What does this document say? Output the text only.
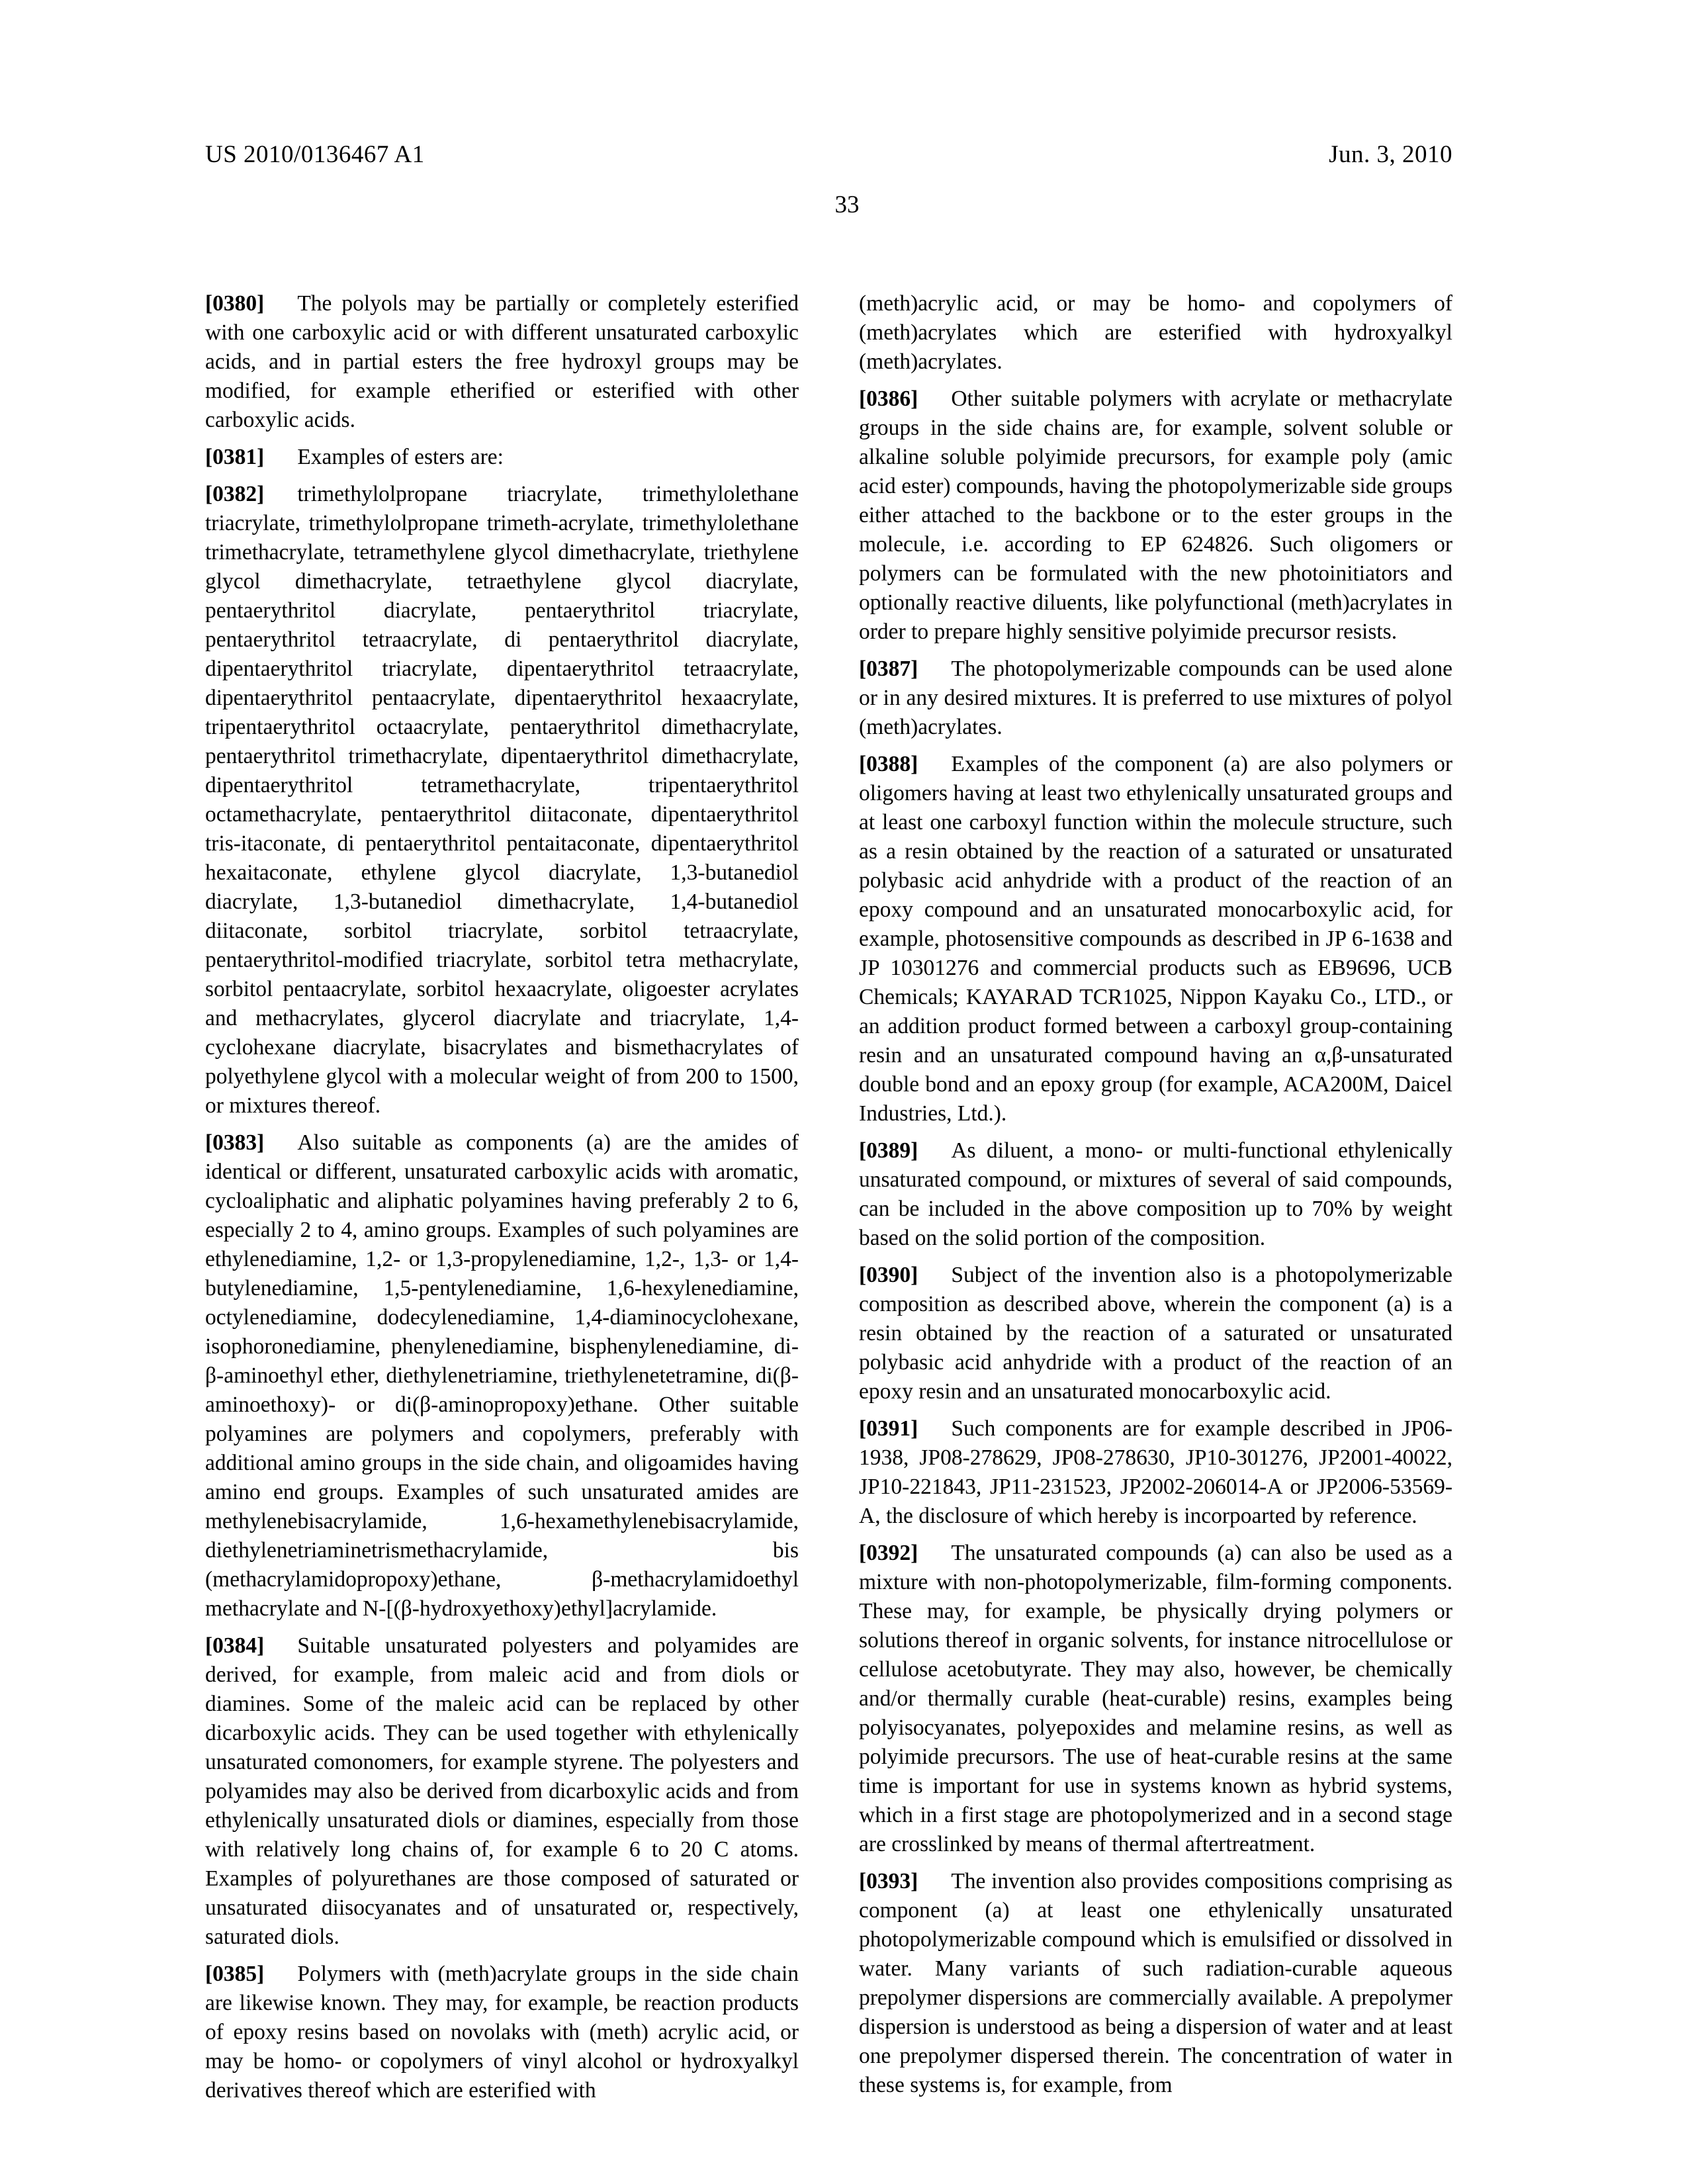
US 2010/0136467 A1	Jun. 3, 2010
33

[0380] The polyols may be partially or completely esterified with one carboxylic acid or with different unsaturated carboxylic acids, and in partial esters the free hydroxyl groups may be modified, for example etherified or esterified with other carboxylic acids.

[0381] Examples of esters are:

[0382] trimethylolpropane triacrylate, trimethylolethane triacrylate, trimethylolpropane trimeth-acrylate, trimethylolethane trimethacrylate, tetramethylene glycol dimethacrylate, triethylene glycol dimethacrylate, tetraethylene glycol diacrylate, pentaerythritol diacrylate, pentaerythritol triacrylate, pentaerythritol tetraacrylate, di pentaerythritol diacrylate, dipentaerythritol triacrylate, dipentaerythritol tetraacrylate, dipentaerythritol pentaacrylate, dipentaerythritol hexaacrylate, tripentaerythritol octaacrylate, pentaerythritol dimethacrylate, pentaerythritol trimethacrylate, dipentaerythritol dimethacrylate, dipentaerythritol tetramethacrylate, tripentaerythritol octamethacrylate, pentaerythritol diitaconate, dipentaerythritol tris-itaconate, di pentaerythritol pentaitaconate, dipentaerythritol hexaitaconate, ethylene glycol diacrylate, 1,3-butanediol diacrylate, 1,3-butanediol dimethacrylate, 1,4-butanediol diitaconate, sorbitol triacrylate, sorbitol tetraacrylate, pentaerythritol-modified triacrylate, sorbitol tetra methacrylate, sorbitol pentaacrylate, sorbitol hexaacrylate, oligoester acrylates and methacrylates, glycerol diacrylate and triacrylate, 1,4-cyclohexane diacrylate, bisacrylates and bismethacrylates of polyethylene glycol with a molecular weight of from 200 to 1500, or mixtures thereof.

[0383] Also suitable as components (a) are the amides of identical or different, unsaturated carboxylic acids with aromatic, cycloaliphatic and aliphatic polyamines having preferably 2 to 6, especially 2 to 4, amino groups. Examples of such polyamines are ethylenediamine, 1,2- or 1,3-propylenediamine, 1,2-, 1,3- or 1,4-butylenediamine, 1,5-pentylenediamine, 1,6-hexylenediamine, octylenediamine, dodecylenediamine, 1,4-diaminocyclohexane, isophoronediamine, phenylenediamine, bisphenylenediamine, di-β-aminoethyl ether, diethylenetriamine, triethylenetetramine, di(β-aminoethoxy)- or di(β-aminopropoxy)ethane. Other suitable polyamines are polymers and copolymers, preferably with additional amino groups in the side chain, and oligoamides having amino end groups. Examples of such unsaturated amides are methylenebisacrylamide, 1,6-hexamethylenebisacrylamide, diethylenetriaminetrismethacrylamide, bis (methacrylamidopropoxy)ethane, β-methacrylamidoethyl methacrylate and N-[(β-hydroxyethoxy)ethyl]acrylamide.

[0384] Suitable unsaturated polyesters and polyamides are derived, for example, from maleic acid and from diols or diamines. Some of the maleic acid can be replaced by other dicarboxylic acids. They can be used together with ethylenically unsaturated comonomers, for example styrene. The polyesters and polyamides may also be derived from dicarboxylic acids and from ethylenically unsaturated diols or diamines, especially from those with relatively long chains of, for example 6 to 20 C atoms. Examples of polyurethanes are those composed of saturated or unsaturated diisocyanates and of unsaturated or, respectively, saturated diols.

[0385] Polymers with (meth)acrylate groups in the side chain are likewise known. They may, for example, be reaction products of epoxy resins based on novolaks with (meth) acrylic acid, or may be homo- or copolymers of vinyl alcohol or hydroxyalkyl derivatives thereof which are esterified with

(meth)acrylic acid, or may be homo- and copolymers of (meth)acrylates which are esterified with hydroxyalkyl (meth)acrylates.

[0386] Other suitable polymers with acrylate or methacrylate groups in the side chains are, for example, solvent soluble or alkaline soluble polyimide precursors, for example poly (amic acid ester) compounds, having the photopolymerizable side groups either attached to the backbone or to the ester groups in the molecule, i.e. according to EP 624826. Such oligomers or polymers can be formulated with the new photoinitiators and optionally reactive diluents, like polyfunctional (meth)acrylates in order to prepare highly sensitive polyimide precursor resists.

[0387] The photopolymerizable compounds can be used alone or in any desired mixtures. It is preferred to use mixtures of polyol (meth)acrylates.

[0388] Examples of the component (a) are also polymers or oligomers having at least two ethylenically unsaturated groups and at least one carboxyl function within the molecule structure, such as a resin obtained by the reaction of a saturated or unsaturated polybasic acid anhydride with a product of the reaction of an epoxy compound and an unsaturated monocarboxylic acid, for example, photosensitive compounds as described in JP 6-1638 and JP 10301276 and commercial products such as EB9696, UCB Chemicals; KAYARAD TCR1025, Nippon Kayaku Co., LTD., or an addition product formed between a carboxyl group-containing resin and an unsaturated compound having an α,β-unsaturated double bond and an epoxy group (for example, ACA200M, Daicel Industries, Ltd.).

[0389] As diluent, a mono- or multi-functional ethylenically unsaturated compound, or mixtures of several of said compounds, can be included in the above composition up to 70% by weight based on the solid portion of the composition.

[0390] Subject of the invention also is a photopolymerizable composition as described above, wherein the component (a) is a resin obtained by the reaction of a saturated or unsaturated polybasic acid anhydride with a product of the reaction of an epoxy resin and an unsaturated monocarboxylic acid.

[0391] Such components are for example described in JP06-1938, JP08-278629, JP08-278630, JP10-301276, JP2001-40022, JP10-221843, JP11-231523, JP2002-206014-A or JP2006-53569-A, the disclosure of which hereby is incorpoarted by reference.

[0392] The unsaturated compounds (a) can also be used as a mixture with non-photopolymerizable, film-forming components. These may, for example, be physically drying polymers or solutions thereof in organic solvents, for instance nitrocellulose or cellulose acetobutyrate. They may also, however, be chemically and/or thermally curable (heat-curable) resins, examples being polyisocyanates, polyepoxides and melamine resins, as well as polyimide precursors. The use of heat-curable resins at the same time is important for use in systems known as hybrid systems, which in a first stage are photopolymerized and in a second stage are crosslinked by means of thermal aftertreatment.

[0393] The invention also provides compositions comprising as component (a) at least one ethylenically unsaturated photopolymerizable compound which is emulsified or dissolved in water. Many variants of such radiation-curable aqueous prepolymer dispersions are commercially available. A prepolymer dispersion is understood as being a dispersion of water and at least one prepolymer dispersed therein. The concentration of water in these systems is, for example, from
